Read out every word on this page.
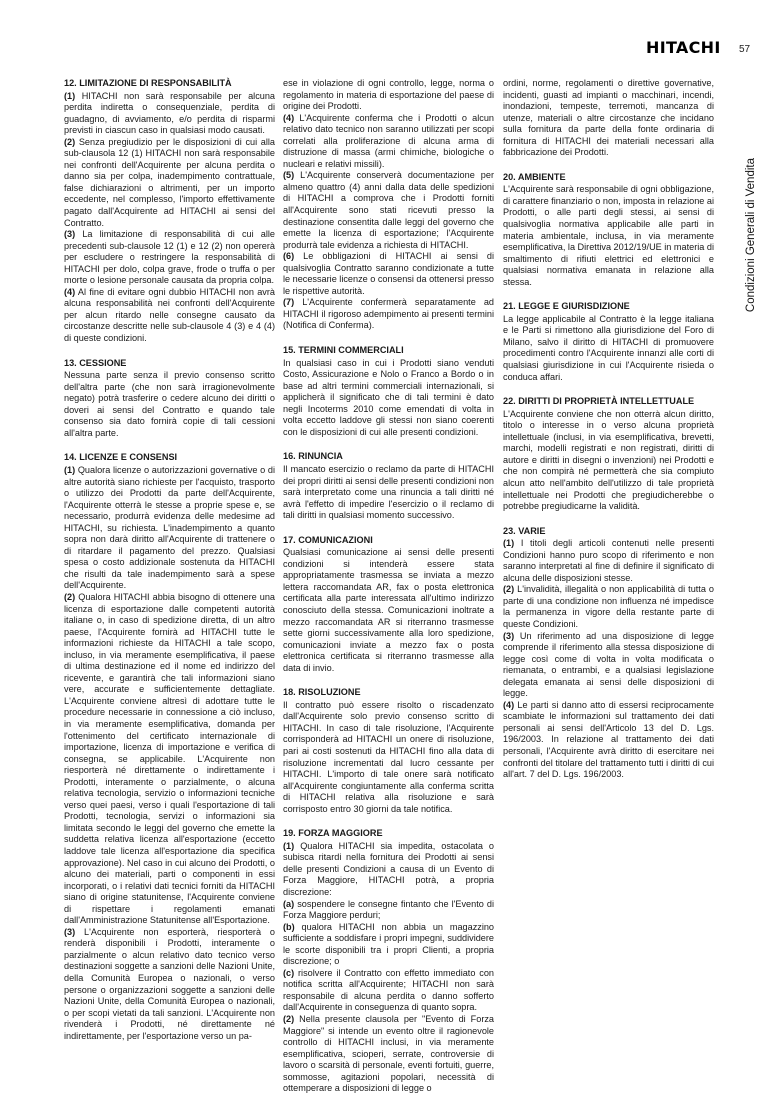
HITACHI 57
Condizioni Generali di Vendita
12. LIMITAZIONE DI RESPONSABILITÀ

(1) HITACHI non sarà responsabile per alcuna perdita indiretta o consequenziale, perdita di guadagno, di avviamento, e/o perdita di risparmi previsti in ciascun caso in qualsiasi modo causati.

(2) Senza pregiudizio per le disposizioni di cui alla sub-clausola 12 (1) HITACHI non sarà responsabile nei confronti dell'Acquirente per alcuna perdita o danno sia per colpa, inadempimento contrattuale, false dichiarazioni o altrimenti, per un importo eccedente, nel complesso, l'importo effettivamente pagato dall'Acquirente ad HITACHI ai sensi del Contratto.

(3) La limitazione di responsabilità di cui alle precedenti sub-clausole 12 (1) e 12 (2) non opererà per escludere o restringere la responsabilità di HITACHI per dolo, colpa grave, frode o truffa o per morte o lesione personale causata da propria colpa.

(4) Al fine di evitare ogni dubbio HITACHI non avrà alcuna responsabilità nei confronti dell'Acquirente per alcun ritardo nelle consegne causato da circostanze descritte nelle sub-clausole 4 (3) e 4 (4) di queste condizioni.

13. CESSIONE

Nessuna parte senza il previo consenso scritto dell'altra parte (che non sarà irragionevolmente negato) potrà trasferire o cedere alcuno dei diritti o doveri ai sensi del Contratto e quando tale consenso sia dato fornirà copie di tali cessioni all'altra parte.

14. LICENZE E CONSENSI

(1) Qualora licenze o autorizzazioni governative o di altre autorità siano richieste per l'acquisto, trasporto o utilizzo dei Prodotti da parte dell'Acquirente, l'Acquirente otterrà le stesse a proprie spese e, se necessario, produrrà evidenza delle medesime ad HITACHI, su richiesta. L'inadempimento a quanto sopra non darà diritto all'Acquirente di trattenere o di ritardare il pagamento del prezzo. Qualsiasi spesa o costo addizionale sostenuta da HITACHI che risulti da tale inadempimento sarà a spese dell'Acquirente.

(2) Qualora HITACHI abbia bisogno di ottenere una licenza di esportazione dalle competenti autorità italiane o, in caso di spedizione diretta, di un altro paese, l'Acquirente fornirà ad HITACHI tutte le informazioni richieste da HITACHI a tale scopo, incluso, in via meramente esemplificativa, il paese di ultima destinazione ed il nome ed indirizzo del ricevente, e garantirà che tali informazioni siano vere, accurate e sufficientemente dettagliate. L'Acquirente conviene altresì di adottare tutte le procedure necessarie in connessione a ciò incluso, in via meramente esemplificativa, domanda per l'ottenimento del certificato internazionale di importazione, licenza di importazione e verifica di consegna, se applicabile. L'Acquirente non riesporterà né direttamente o indirettamente i Prodotti, interamente o parzialmente, o alcuna relativa tecnologia, servizio o informazioni tecniche verso quei paesi, verso i quali l'esportazione di tali Prodotti, tecnologia, servizi o informazioni sia limitata secondo le leggi del governo che emette la suddetta relativa licenza all'esportazione (eccetto laddove tale licenza all'esportazione dia specifica approvazione). Nel caso in cui alcuno dei Prodotti, o alcuno dei materiali, parti o componenti in essi incorporati, o i relativi dati tecnici forniti da HITACHI siano di origine statunitense, l'Acquirente conviene di rispettare i regolamenti emanati dall'Amministrazione Statunitense all'Esportazione.

(3) L'Acquirente non esporterà, riesporterà o renderà disponibili i Prodotti, interamente o parzialmente o alcun relativo dato tecnico verso destinazioni soggette a sanzioni delle Nazioni Unite, della Comunità Europea o nazionali, o verso persone o organizzazioni soggette a sanzioni delle Nazioni Unite, della Comunità Europea o nazionali, o per scopi vietati da tali sanzioni. L'Acquirente non rivenderà i Prodotti, né direttamente né indirettamente, per l'esportazione verso un pa-

ese in violazione di ogni controllo, legge, norma o regolamento in materia di esportazione del paese di origine dei Prodotti.

(4) L'Acquirente conferma che i Prodotti o alcun relativo dato tecnico non saranno utilizzati per scopi correlati alla proliferazione di alcuna arma di distruzione di massa (armi chimiche, biologiche o nucleari e relativi missili).

(5) L'Acquirente conserverà documentazione per almeno quattro (4) anni dalla data delle spedizioni di HITACHI a comprova che i Prodotti forniti all'Acquirente sono stati ricevuti presso la destinazione consentita dalle leggi del governo che emette la licenza di esportazione; l'Acquirente produrrà tale evidenza a richiesta di HITACHI.

(6) Le obbligazioni di HITACHI ai sensi di qualsivoglia Contratto saranno condizionate a tutte le necessarie licenze o consensi da ottenersi presso le rispettive autorità.

(7) L'Acquirente confermerà separatamente ad HITACHI il rigoroso adempimento ai presenti termini (Notifica di Conferma).

15. TERMINI COMMERCIALI

In qualsiasi caso in cui i Prodotti siano venduti Costo, Assicurazione e Nolo o Franco a Bordo o in base ad altri termini commerciali internazionali, si applicherà il significato che di tali termini è dato negli Incoterms 2010 come emendati di volta in volta eccetto laddove gli stessi non siano coerenti con le disposizioni di cui alle presenti condizioni.

16. RINUNCIA

Il mancato esercizio o reclamo da parte di HITACHI dei propri diritti ai sensi delle presenti condizioni non sarà interpretato come una rinuncia a tali diritti né avrà l'effetto di impedire l'esercizio o il reclamo di tali diritti in qualsiasi momento successivo.

17. COMUNICAZIONI

Qualsiasi comunicazione ai sensi delle presenti condizioni si intenderà essere stata appropriatamente trasmessa se inviata a mezzo lettera raccomandata AR, fax o posta elettronica certificata alla parte interessata all'ultimo indirizzo conosciuto della stessa. Comunicazioni inoltrate a mezzo raccomandata AR si riterranno trasmesse sette giorni successivamente alla loro spedizione, comunicazioni inviate a mezzo fax o posta elettronica certificata si riterranno trasmesse alla data di invio.

18. RISOLUZIONE

Il contratto può essere risolto o riscadenzato dall'Acquirente solo previo consenso scritto di HITACHI. In caso di tale risoluzione, l'Acquirente corrisponderà ad HITACHI un onere di risoluzione, pari ai costi sostenuti da HITACHI fino alla data di risoluzione incrementati dal lucro cessante per HITACHI. L'importo di tale onere sarà notificato all'Acquirente congiuntamente alla conferma scritta di HITACHI relativa alla risoluzione e sarà corrisposto entro 30 giorni da tale notifica.

19. FORZA MAGGIORE

(1) Qualora HITACHI sia impedita, ostacolata o subisca ritardi nella fornitura dei Prodotti ai sensi delle presenti Condizioni a causa di un Evento di Forza Maggiore, HITACHI potrà, a propria discrezione:

(a) sospendere le consegne fintanto che l'Evento di Forza Maggiore perduri;

(b) qualora HITACHI non abbia un magazzino sufficiente a soddisfare i propri impegni, suddividere le scorte disponibili tra i propri Clienti, a propria discrezione; o

(c) risolvere il Contratto con effetto immediato con notifica scritta all'Acquirente; HITACHI non sarà responsabile di alcuna perdita o danno sofferto dall'Acquirente in conseguenza di quanto sopra.

(2) Nella presente clausola per "Evento di Forza Maggiore" si intende un evento oltre il ragionevole controllo di HITACHI inclusi, in via meramente esemplificativa, scioperi, serrate, controversie di lavoro o scarsità di personale, eventi fortuiti, guerre, sommosse, agitazioni popolari, necessità di ottemperare a disposizioni di legge o

ordini, norme, regolamenti o direttive governative, incidenti, guasti ad impianti o macchinari, incendi, inondazioni, tempeste, terremoti, mancanza di utenze, materiali o altre circostanze che incidano sulla fornitura da parte della fonte ordinaria di fornitura di HITACHI dei materiali necessari alla fabbricazione dei Prodotti.

20. AMBIENTE

L'Acquirente sarà responsabile di ogni obbligazione, di carattere finanziario o non, imposta in relazione ai Prodotti, o alle parti degli stessi, ai sensi di qualsivoglia normativa applicabile alle parti in materia ambientale, inclusa, in via meramente esemplificativa, la Direttiva 2012/19/UE in materia di smaltimento di rifiuti elettrici ed elettronici e qualsiasi normativa emanata in relazione alla stessa.

21. LEGGE E GIURISDIZIONE

La legge applicabile al Contratto è la legge italiana e le Parti si rimettono alla giurisdizione del Foro di Milano, salvo il diritto di HITACHI di promuovere procedimenti contro l'Acquirente innanzi alle corti di qualsiasi giurisdizione in cui l'Acquirente risieda o conduca affari.

22. DIRITTI DI PROPRIETÀ INTELLETTUALE

L'Acquirente conviene che non otterrà alcun diritto, titolo o interesse in o verso alcuna proprietà intellettuale (inclusi, in via esemplificativa, brevetti, marchi, modelli registrati e non registrati, diritti di autore e diritti in disegni o invenzioni) nei Prodotti e che non compirà né permetterà che sia compiuto alcun atto nell'ambito dell'utilizzo di tale proprietà intellettuale nei Prodotti che pregiudicherebbe o potrebbe pregiudicarne la validità.

23. VARIE

(1) I titoli degli articoli contenuti nelle presenti Condizioni hanno puro scopo di riferimento e non saranno interpretati al fine di definire il significato di alcuna delle disposizioni stesse.

(2) L'invalidità, illegalità o non applicabilità di tutta o parte di una condizione non influenza né impedisce la permanenza in vigore della restante parte di queste Condizioni.

(3) Un riferimento ad una disposizione di legge comprende il riferimento alla stessa disposizione di legge così come di volta in volta modificata o riemanata, o entrambi, e a qualsiasi legislazione delegata emanata ai sensi delle disposizioni di legge.

(4) Le parti si danno atto di essersi reciprocamente scambiate le informazioni sul trattamento dei dati personali ai sensi dell'Articolo 13 del D. Lgs. 196/2003. In relazione al trattamento dei dati personali, l'Acquirente avrà diritto di esercitare nei confronti del titolare del trattamento tutti i diritti di cui all'art. 7 del D. Lgs. 196/2003.
